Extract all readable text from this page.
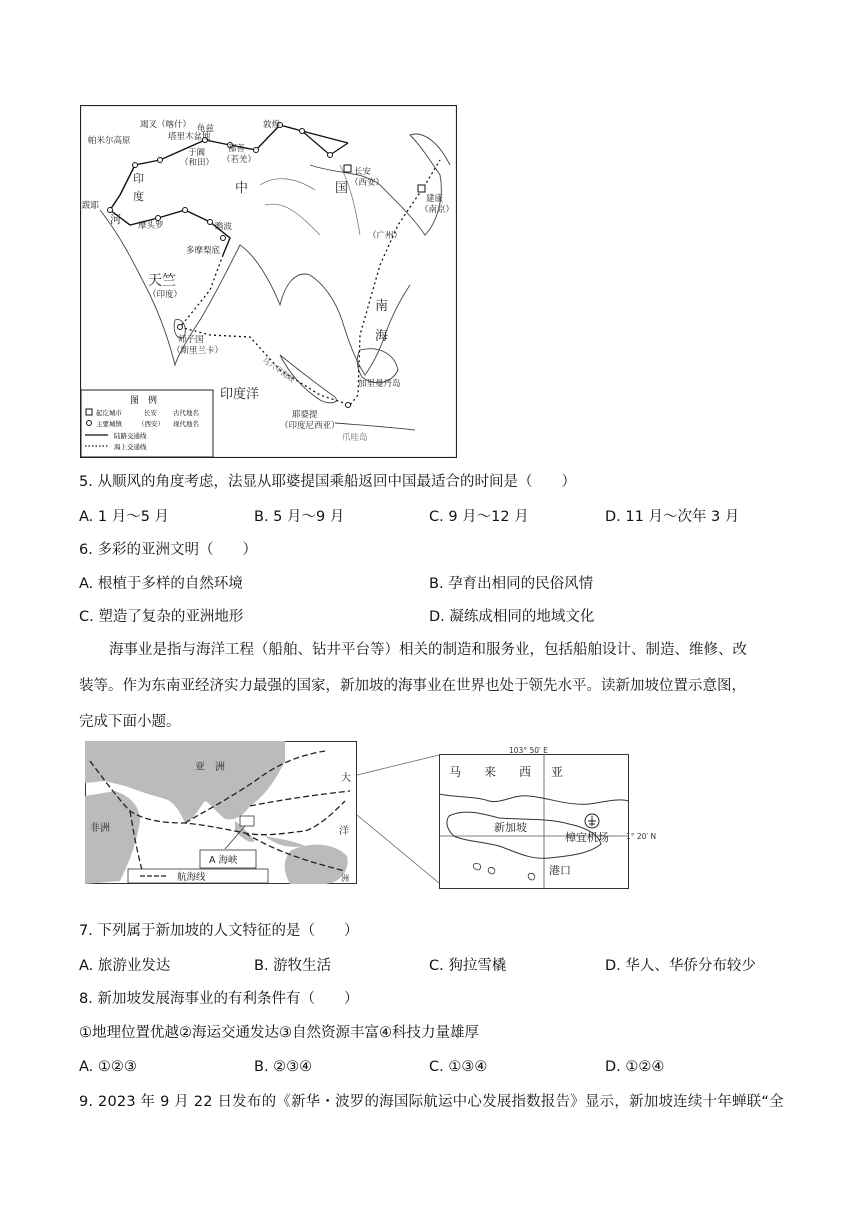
帕米尔高原
竭叉（喀什） 龟兹
塔里木盆地
于阗
（和田）
敦煌
鄯善
（若羌）
长安
（西安）
建康
（南京）
（广州）
跋耶
摩头罗	瞻波
多摩梨底
（印度）
师子国
（斯里兰卡）
加里曼丹岛
耶婆提
（印度尼西亚）
爪哇岛
马六甲海峡
中	国
南
海
印度洋
天竺
印
度
河
图　例
起讫城市	长安 古代地名
主要城镇 （西安） 现代地名
陆路交通线
海上交通线
5. 从顺风的角度考虑，法显从耶婆提国乘船返回中国最适合的时间是（　　）
A. 1 月～5 月	B. 5 月～9 月	C. 9 月～12 月	D. 11 月～次年 3 月
6. 多彩的亚洲文明（　　）
A. 根植于多样的自然环境	B. 孕育出相同的民俗风情
C. 塑造了复杂的亚洲地形	D. 凝练成相同的地域文化
海事业是指与海洋工程（船舶、钻井平台等）相关的制造和服务业，包括船舶设计、制造、维修、改
装等。作为东南亚经济实力最强的国家，新加坡的海事业在世界也处于领先水平。读新加坡位置示意图，
完成下面小题。
亚　洲
非洲
大
洋
洲
A 海峡
航海线
103° 50′ E
马 来 西 亚
新加坡
樟宜机场
港口
1° 20′ N
7. 下列属于新加坡的人文特征的是（　　）
A. 旅游业发达	B. 游牧生活	C. 狗拉雪橇	D. 华人、华侨分布较少
8. 新加坡发展海事业的有利条件有（　　）
①地理位置优越②海运交通发达③自然资源丰富④科技力量雄厚
A. ①②③	B. ②③④	C. ①③④	D. ①②④
9. 2023 年 9 月 22 日发布的《新华・波罗的海国际航运中心发展指数报告》显示，新加坡连续十年蝉联“全
